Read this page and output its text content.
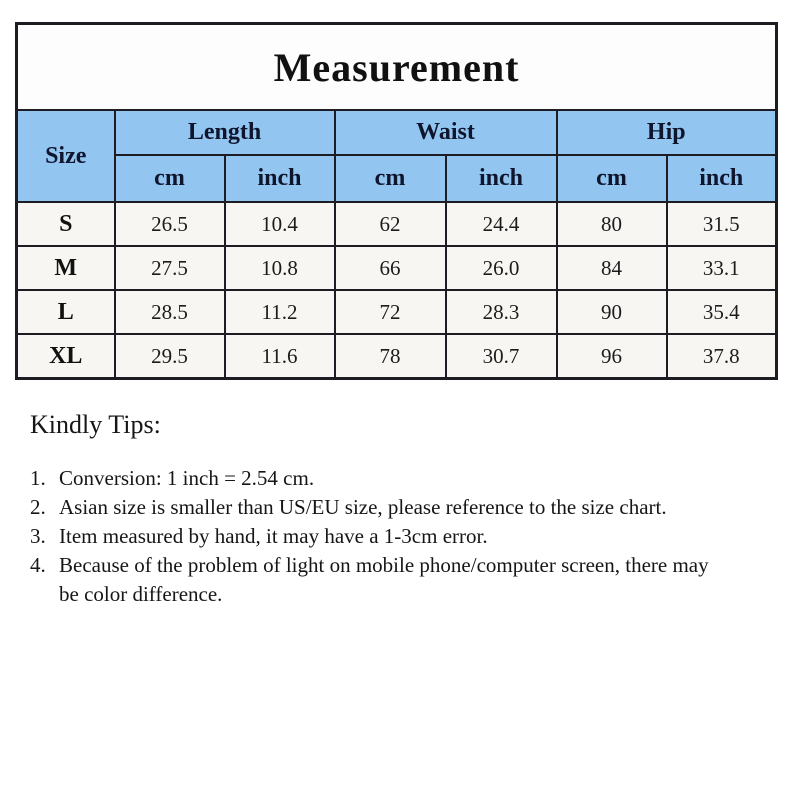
Measurement						
Size	Length		Waist		Hip	
	cm	inch	cm	inch	cm	inch
S	26.5	10.4	62	24.4	80	31.5
M	27.5	10.8	66	26.0	84	33.1
L	28.5	11.2	72	28.3	90	35.4
XL	29.5	11.6	78	30.7	96	37.8

Kindly Tips:

1. Conversion: 1 inch = 2.54 cm.
2. Asian size is smaller than US/EU size, please reference to the size chart.
3. Item measured by hand, it may have a 1-3cm error.
4. Because of the problem of light on mobile phone/computer screen, there may be color difference.
